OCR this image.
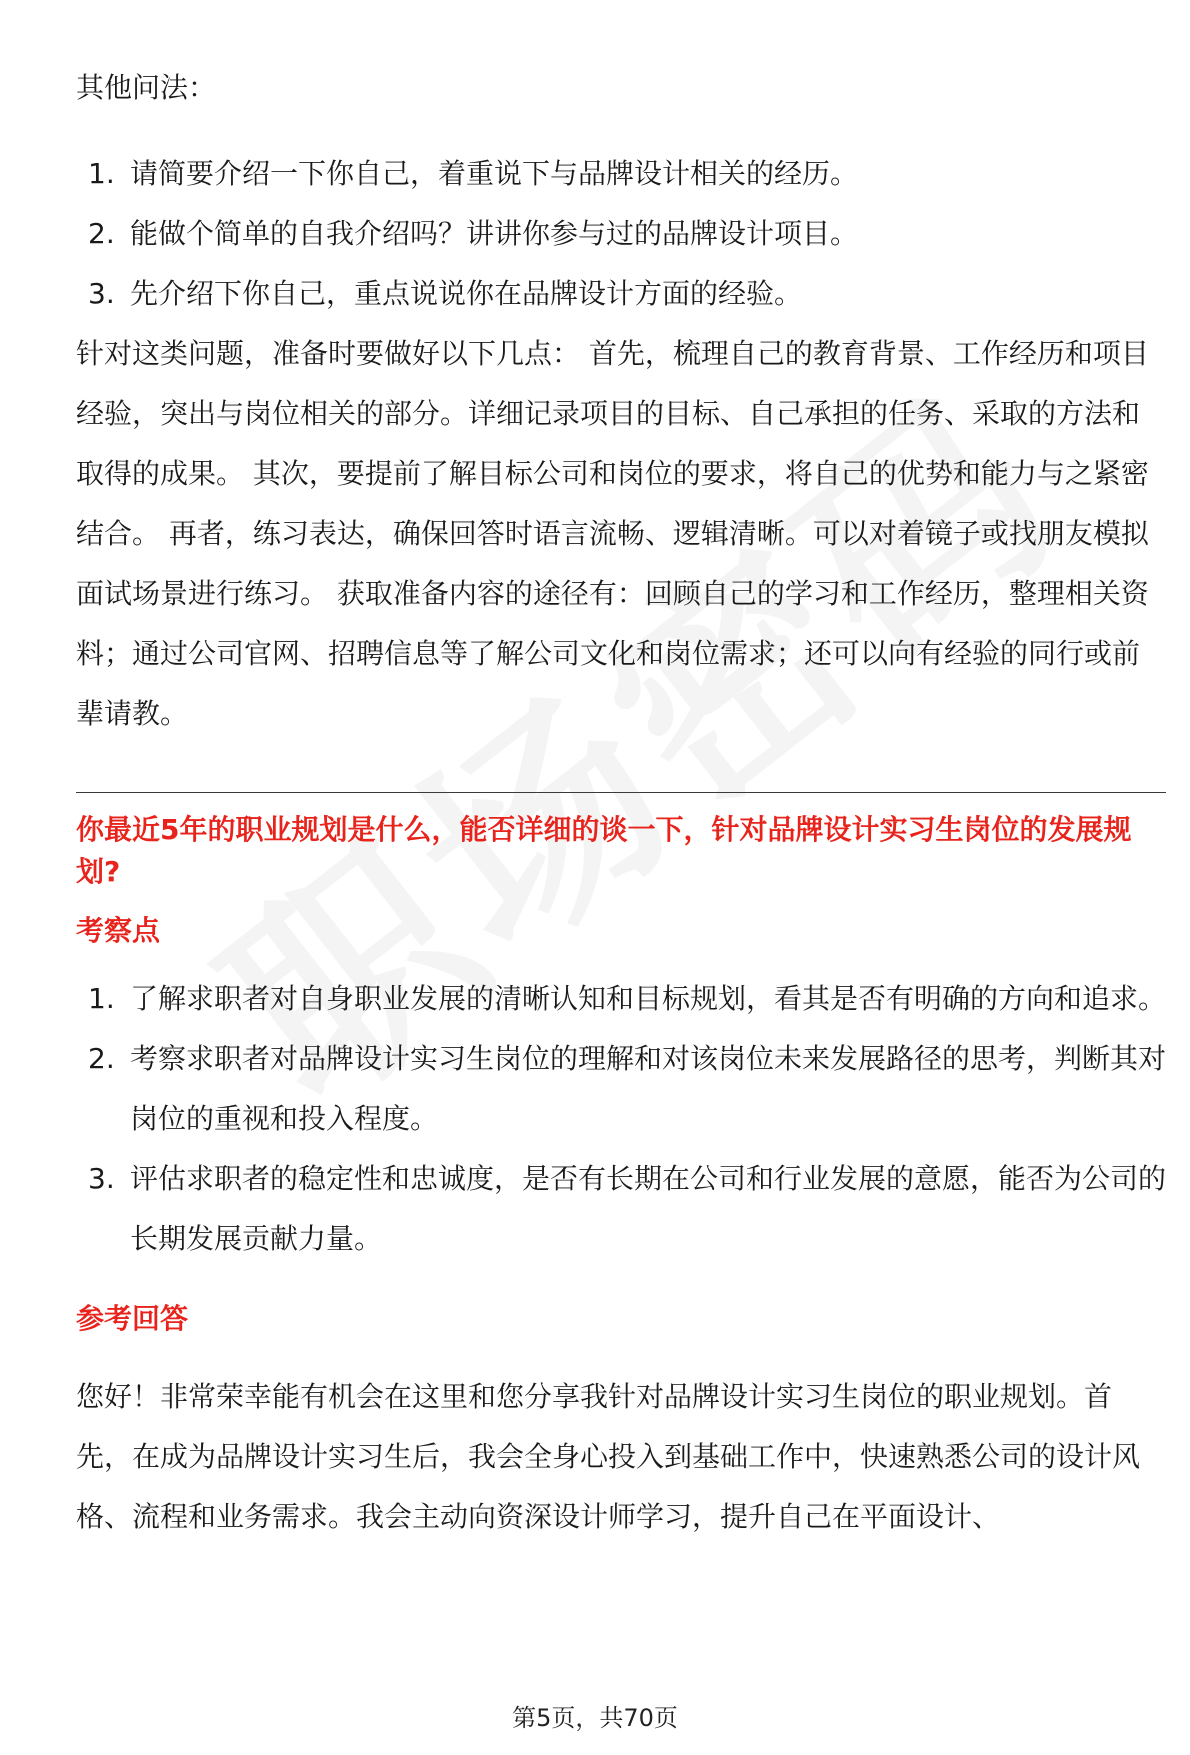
其他问法：

1. 请简要介绍一下你自己，着重说下与品牌设计相关的经历。
2. 能做个简单的自我介绍吗？讲讲你参与过的品牌设计项目。
3. 先介绍下你自己，重点说说你在品牌设计方面的经验。

针对这类问题，准备时要做好以下几点： 首先，梳理自己的教育背景、工作经历和项目经验，突出与岗位相关的部分。详细记录项目的目标、自己承担的任务、采取的方法和取得的成果。 其次，要提前了解目标公司和岗位的要求，将自己的优势和能力与之紧密结合。 再者，练习表达，确保回答时语言流畅、逻辑清晰。可以对着镜子或找朋友模拟面试场景进行练习。 获取准备内容的途径有：回顾自己的学习和工作经历，整理相关资料；通过公司官网、招聘信息等了解公司文化和岗位需求；还可以向有经验的同行或前辈请教。

你最近5年的职业规划是什么，能否详细的谈一下，针对品牌设计实习生岗位的发展规划?

考察点

1. 了解求职者对自身职业发展的清晰认知和目标规划，看其是否有明确的方向和追求。
2. 考察求职者对品牌设计实习生岗位的理解和对该岗位未来发展路径的思考，判断其对岗位的重视和投入程度。
3. 评估求职者的稳定性和忠诚度，是否有长期在公司和行业发展的意愿，能否为公司的长期发展贡献力量。

参考回答

您好！非常荣幸能有机会在这里和您分享我针对品牌设计实习生岗位的职业规划。首先，在成为品牌设计实习生后，我会全身心投入到基础工作中，快速熟悉公司的设计风格、流程和业务需求。我会主动向资深设计师学习，提升自己在平面设计、

第5页，共70页
